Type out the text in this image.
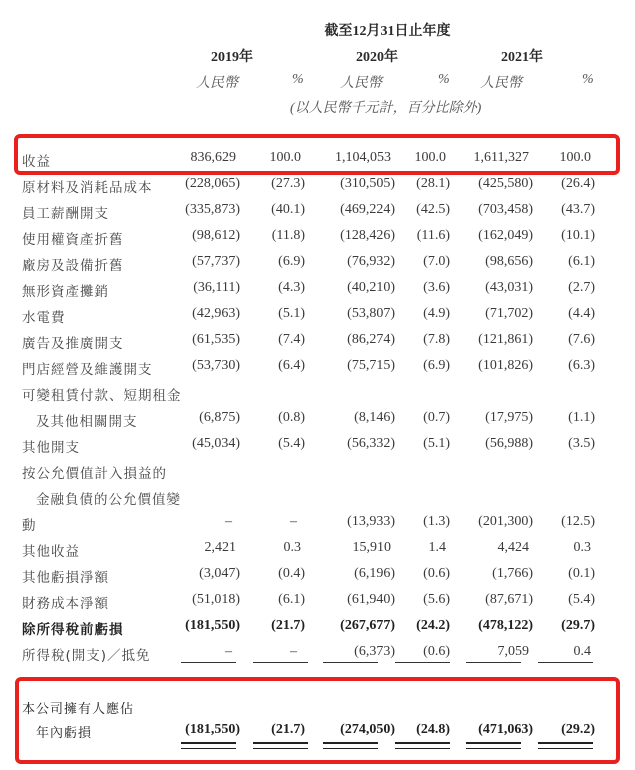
截至12月31日止年度
2019年	2020年	2021年
人民幣	%	人民幣	% 人民幣	%
(以人民幣千元計，百分比除外)
收益	836,629 100.0 1,104,053 100.0 1,611,327 100.0
原材料及消耗品成本 (228,065) (27.3)	(310,505) (28.1) (425,580) (26.4)
員工薪酬開支	(335,873) (40.1)	(469,224) (42.5) (703,458) (43.7)
使用權資產折舊	(98,612) (11.8)	(128,426) (11.6) (162,049) (10.1)
廠房及設備折舊	(57,737)	(6.9)	(76,932) (7.0)	(98,656)	(6.1)
無形資產攤銷	(36,111)	(4.3)	(40,210) (3.6)	(43,031)	(2.7)
水電費	(42,963)	(5.1)	(53,807) (4.9)	(71,702)	(4.4)
廣告及推廣開支	(61,535)	(7.4)	(86,274) (7.8) (121,861)	(7.6)
門店經營及維護開支	(53,730)	(6.4)	(75,715) (6.9) (101,826)	(6.3)
可變租賃付款、短期租金
及其他相關開支	(6,875)	(0.8)	(8,146) (0.7)	(17,975)	(1.1)
其他開支	(45,034)	(5.4)	(56,332) (5.1)	(56,988)	(3.5)
按公允價值計入損益的
金融負債的公允價值變
動	–	–	(13,933) (1.3) (201,300) (12.5)
其他收益	2,421	0.3	15,910	1.4	4,424	0.3
其他虧損淨額	(3,047)	(0.4)	(6,196) (0.6)	(1,766)	(0.1)
財務成本淨額	(51,018)	(6.1)	(61,940) (5.6)	(87,671)	(5.4)
除所得稅前虧損	(181,550) (21.7)	(267,677) (24.2) (478,122) (29.7)
所得稅(開支)／抵免	–	–	(6,373) (0.6)	7,059	0.4
本公司擁有人應佔
年內虧損	(181,550) (21.7)	(274,050) (24.8) (471,063) (29.2)
